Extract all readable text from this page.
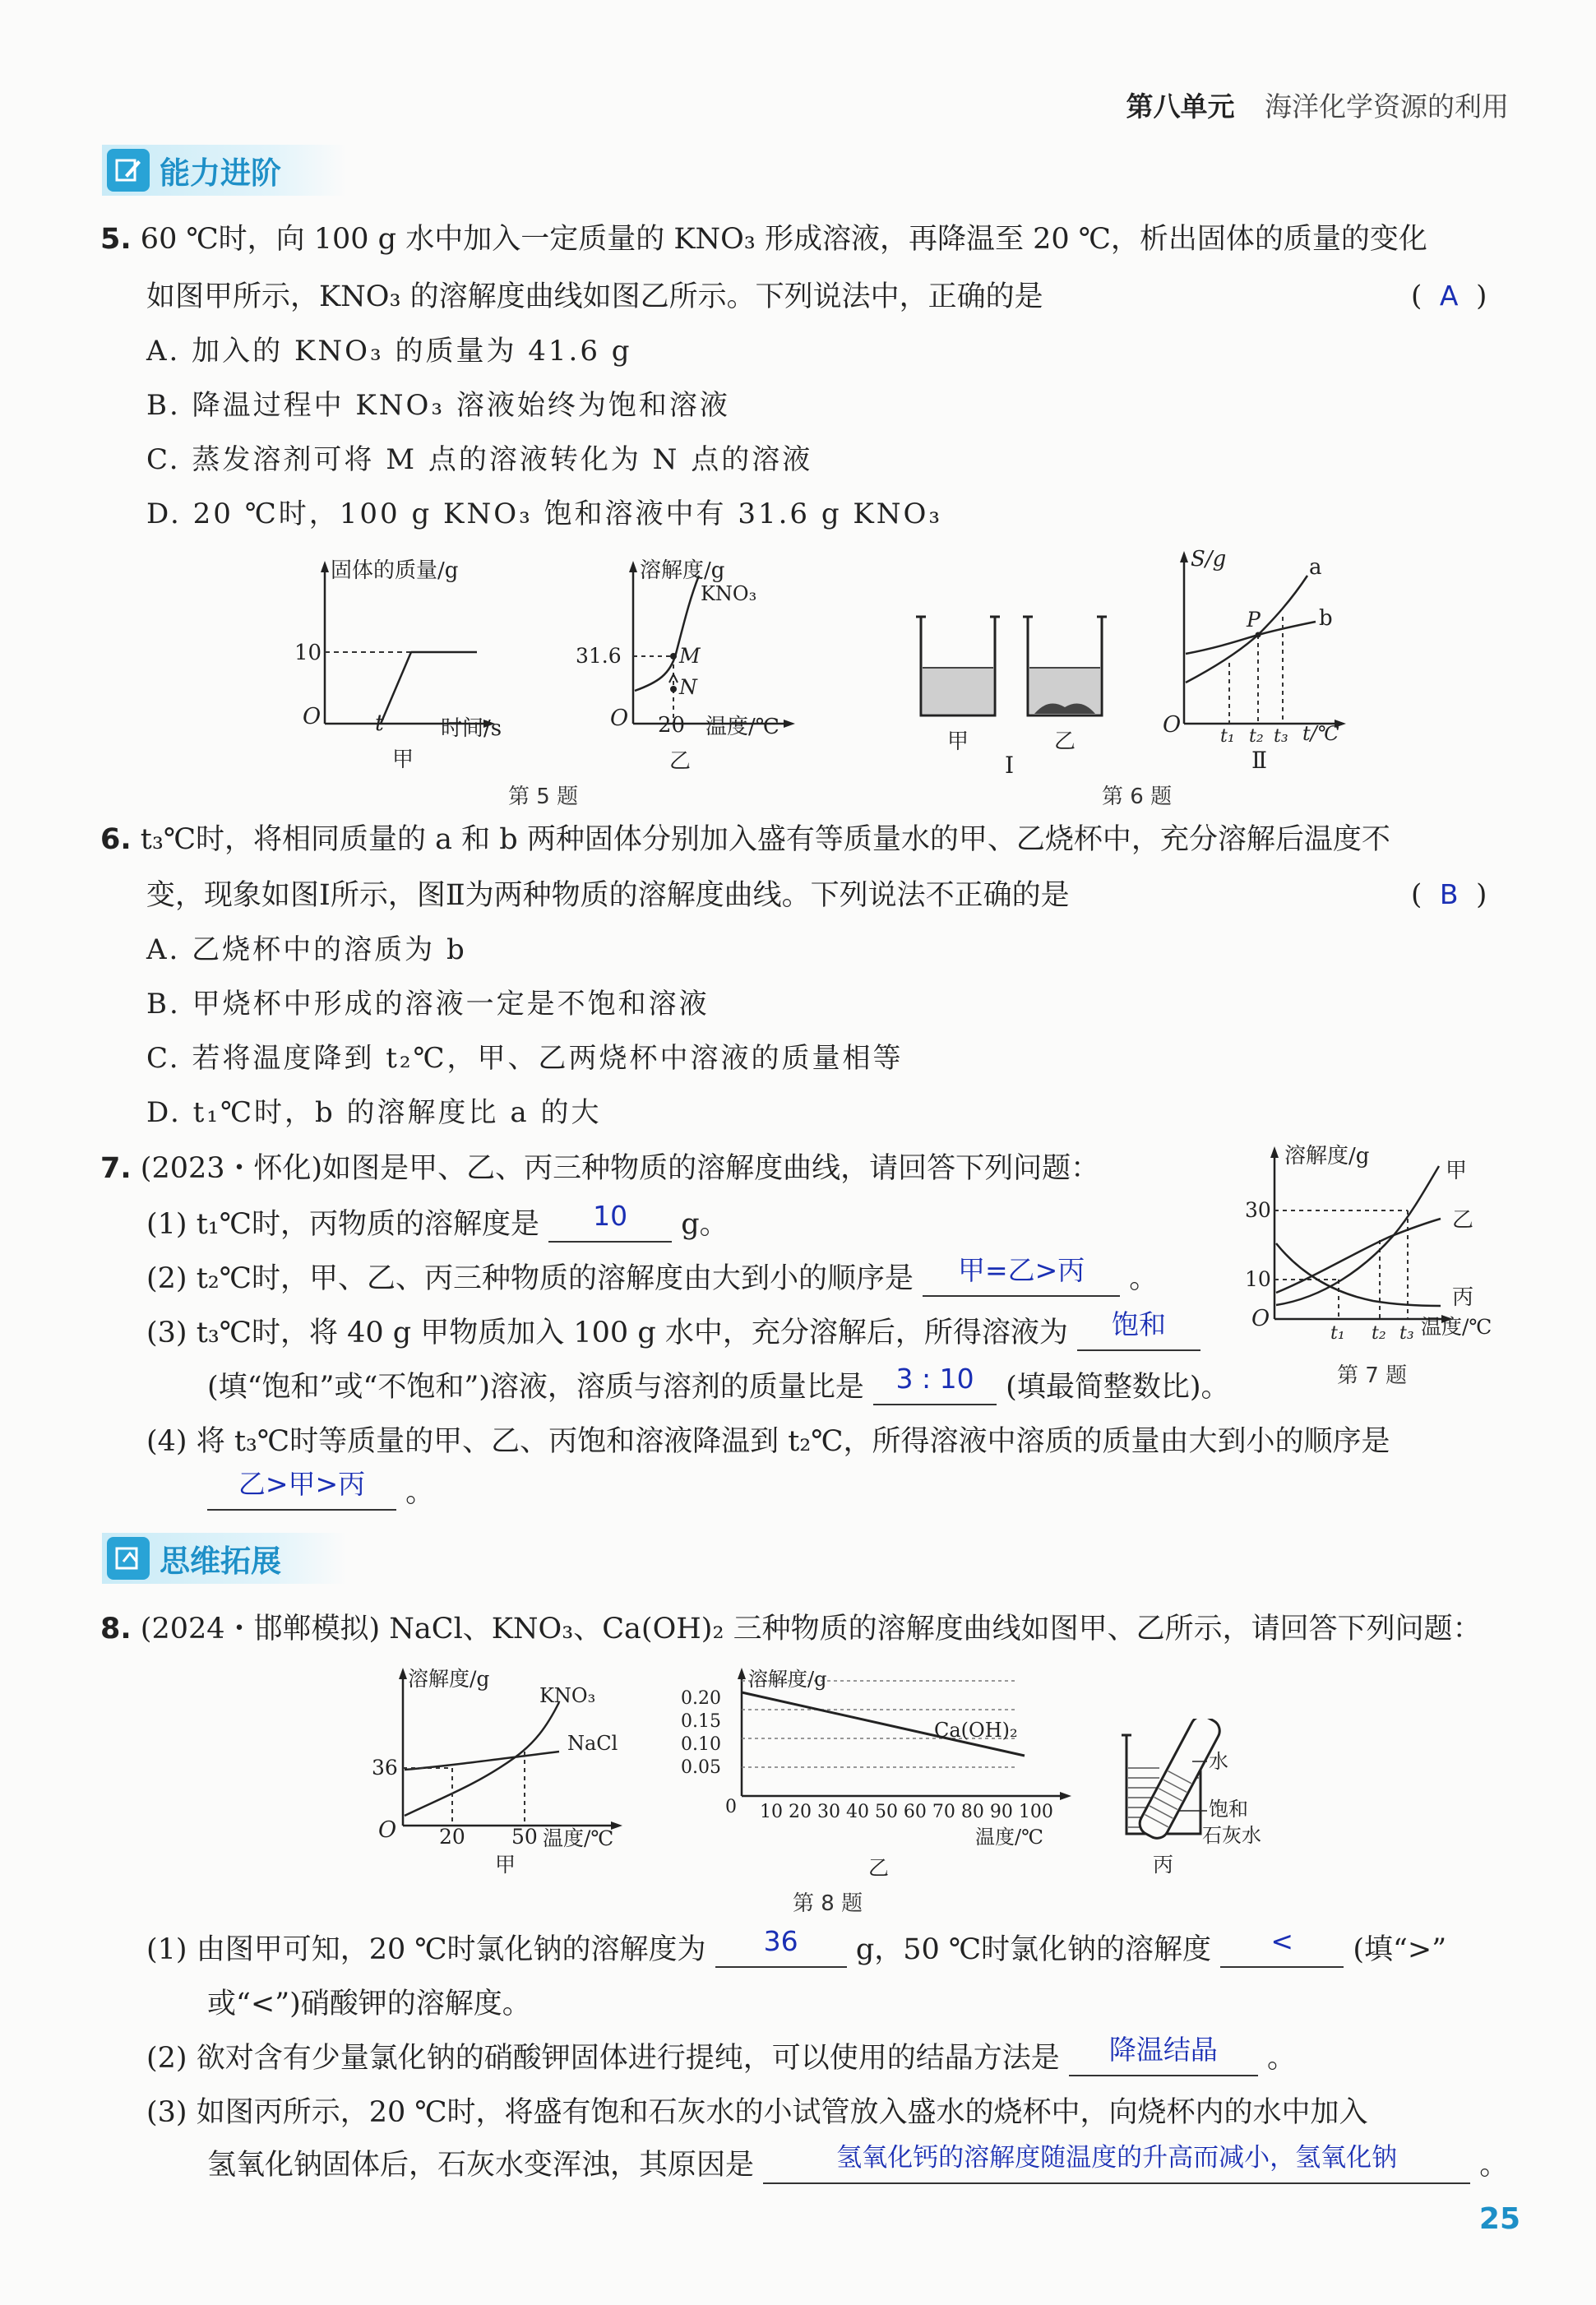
第八单元 海洋化学资源的利用
能力进阶
5. 60 ℃时，向 100 g 水中加入一定质量的 KNO₃ 形成溶液，再降温至 20 ℃，析出固体的质量的变化
如图甲所示，KNO₃ 的溶解度曲线如图乙所示。下列说法中，正确的是	(  A  )
A. 加入的 KNO₃ 的质量为 41.6 g
B. 降温过程中 KNO₃ 溶液始终为饱和溶液
C. 蒸发溶剂可将 M 点的溶液转化为 N 点的溶液
D. 20 ℃时，100 g KNO₃ 饱和溶液中有 31.6 g KNO₃
固体的质量/g
10
O t	时间/s
甲
溶解度/g
KNO₃
31.6	M
N
O 20 温度/℃
乙
第 5 题
甲	乙
Ⅰ
S/g	a
b
P
O t₁ t₂ t₃ t/℃
Ⅱ
第 6 题
6. t₃℃时，将相同质量的 a 和 b 两种固体分别加入盛有等质量水的甲、乙烧杯中，充分溶解后温度不
变，现象如图Ⅰ所示，图Ⅱ为两种物质的溶解度曲线。下列说法不正确的是	(  B  )
A. 乙烧杯中的溶质为 b
B. 甲烧杯中形成的溶液一定是不饱和溶液
C. 若将温度降到 t₂℃，甲、乙两烧杯中溶液的质量相等
D. t₁℃时，b 的溶解度比 a 的大
7. (2023・怀化)如图是甲、乙、丙三种物质的溶解度曲线，请回答下列问题：
(1) t₁℃时，丙物质的溶解度是 10 g。
(2) t₂℃时，甲、乙、丙三种物质的溶解度由大到小的顺序是 甲=乙>丙 。
(3) t₃℃时，将 40 g 甲物质加入 100 g 水中，充分溶解后，所得溶液为 饱和
(填“饱和”或“不饱和”)溶液，溶质与溶剂的质量比是 3 : 10 (填最简整数比)。
(4) 将 t₃℃时等质量的甲、乙、丙饱和溶液降温到 t₂℃，所得溶液中溶质的质量由大到小的顺序是
乙>甲>丙 。
溶解度/g
甲
乙
丙
30
10
O
t₁ t₂ t₃ 温度/℃
第 7 题
思维拓展
8. (2024・邯郸模拟) NaCl、KNO₃、Ca(OH)₂ 三种物质的溶解度曲线如图甲、乙所示，请回答下列问题：
溶解度/g
KNO₃
NaCl
36
O 20 50 温度/℃
甲
溶解度/g
0.20
0.15
0.10
0.05
Ca(OH)₂
0 10 20 30 40 50 60 70 80 90 100
温度/℃
乙
水
饱和
石灰水
丙
第 8 题
(1) 由图甲可知，20 ℃时氯化钠的溶解度为 36 g，50 ℃时氯化钠的溶解度 < (填“>”
或“<”)硝酸钾的溶解度。
(2) 欲对含有少量氯化钠的硝酸钾固体进行提纯，可以使用的结晶方法是 降温结晶 。
(3) 如图丙所示，20 ℃时，将盛有饱和石灰水的小试管放入盛水的烧杯中，向烧杯内的水中加入
氢氧化钠固体后，石灰水变浑浊，其原因是	氢氧化钙的溶解度随温度的升高而减小，氢氧化钠	。
25
